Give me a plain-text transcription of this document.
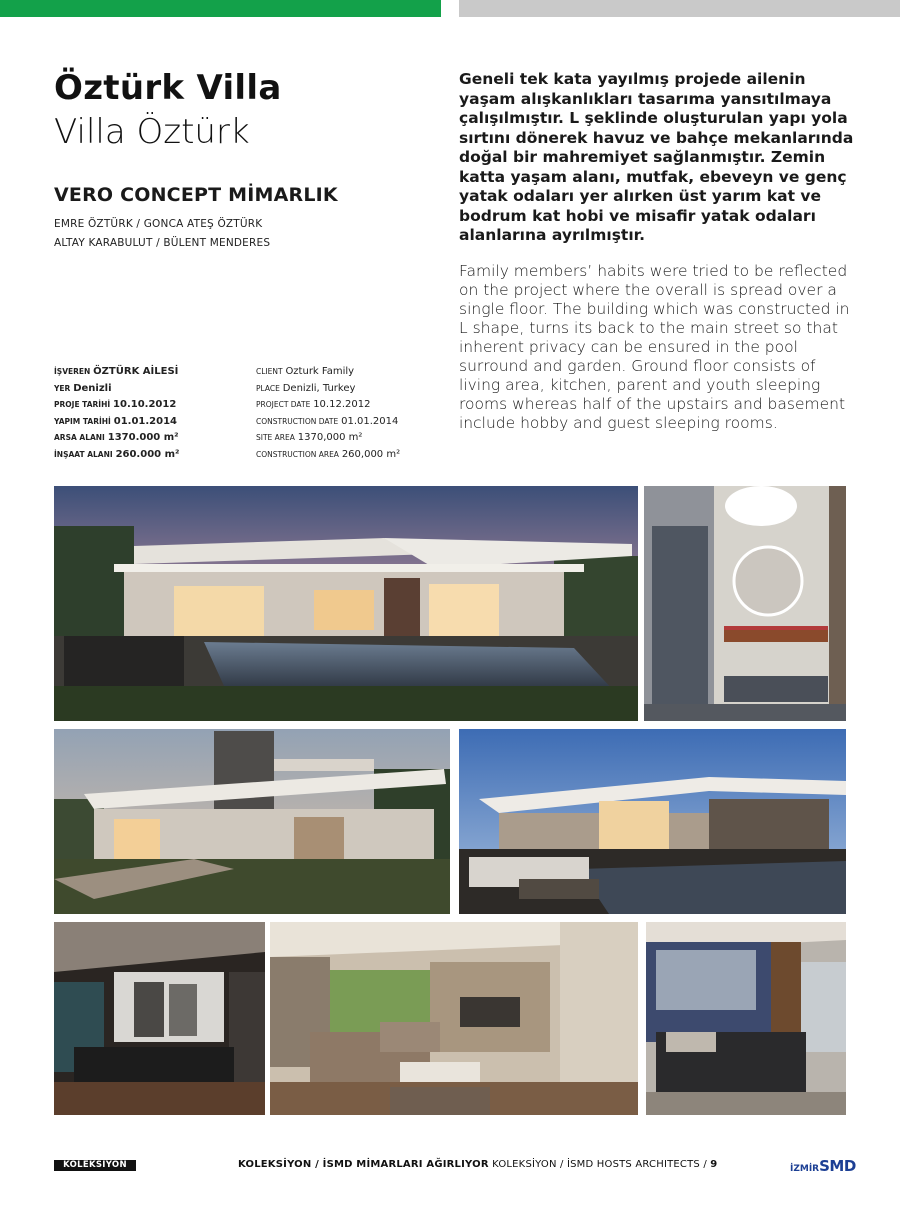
Öztürk Villa
Villa Öztürk
VERO CONCEPT MİMARLIK
EMRE ÖZTÜRK / GONCA ATEŞ ÖZTÜRK
ALTAY KARABULUT / BÜLENT MENDERES
İŞVEREN ÖZTÜRK AİLESİ
YER Denizli
PROJE TARİHİ 10.10.2012
YAPIM TARİHİ 01.01.2014
ARSA ALANI 1370.000 m²
İNŞAAT ALANI 260.000 m²
CLIENT Ozturk Family
PLACE Denizli, Turkey
PROJECT DATE 10.12.2012
CONSTRUCTION DATE 01.01.2014
SITE AREA 1370,000 m²
CONSTRUCTION AREA 260,000 m²

Geneli tek kata yayılmış projede ailenin yaşam alışkanlıkları tasarıma yansıtılmaya çalışılmıştır. L şeklinde oluşturulan yapı yola sırtını dönerek havuz ve bahçe mekanlarında doğal bir mahremiyet sağlanmıştır. Zemin katta yaşam alanı, mutfak, ebeveyn ve genç yatak odaları yer alırken üst yarım kat ve bodrum kat hobi ve misafir yatak odaları alanlarına ayrılmıştır.

Family members’ habits were tried to be reflected on the project where the overall is spread over a single floor. The building which was constructed in L shape, turns its back to the main street so that inherent privacy can be ensured in the pool surround and garden. Ground floor consists of living area, kitchen, parent and youth sleeping rooms whereas half of the upstairs and basement include hobby and guest sleeping rooms.

KOLEKSİYON	KOLEKSİYON / İSMD MİMARLARI AĞIRLIYOR KOLEKSİYON / İSMD HOSTS ARCHITECTS / 9	İZMİRSMD
